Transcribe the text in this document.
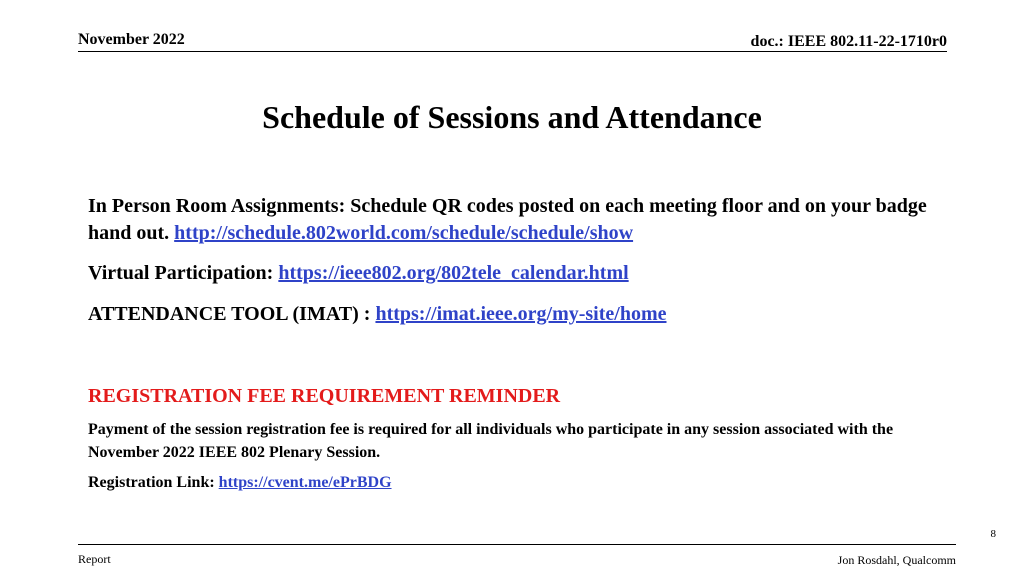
November 2022	doc.: IEEE 802.11-22-1710r0
Schedule of Sessions and Attendance
In Person Room Assignments: Schedule QR codes posted on each meeting floor and on your badge hand out. http://schedule.802world.com/schedule/schedule/show
Virtual Participation: https://ieee802.org/802tele_calendar.html
ATTENDANCE TOOL (IMAT) : https://imat.ieee.org/my-site/home
REGISTRATION FEE REQUIREMENT REMINDER
Payment of the session registration fee is required for all individuals who participate in any session associated with the November 2022 IEEE 802 Plenary Session.
Registration Link: https://cvent.me/ePrBDG
8
Report	Jon Rosdahl, Qualcomm
